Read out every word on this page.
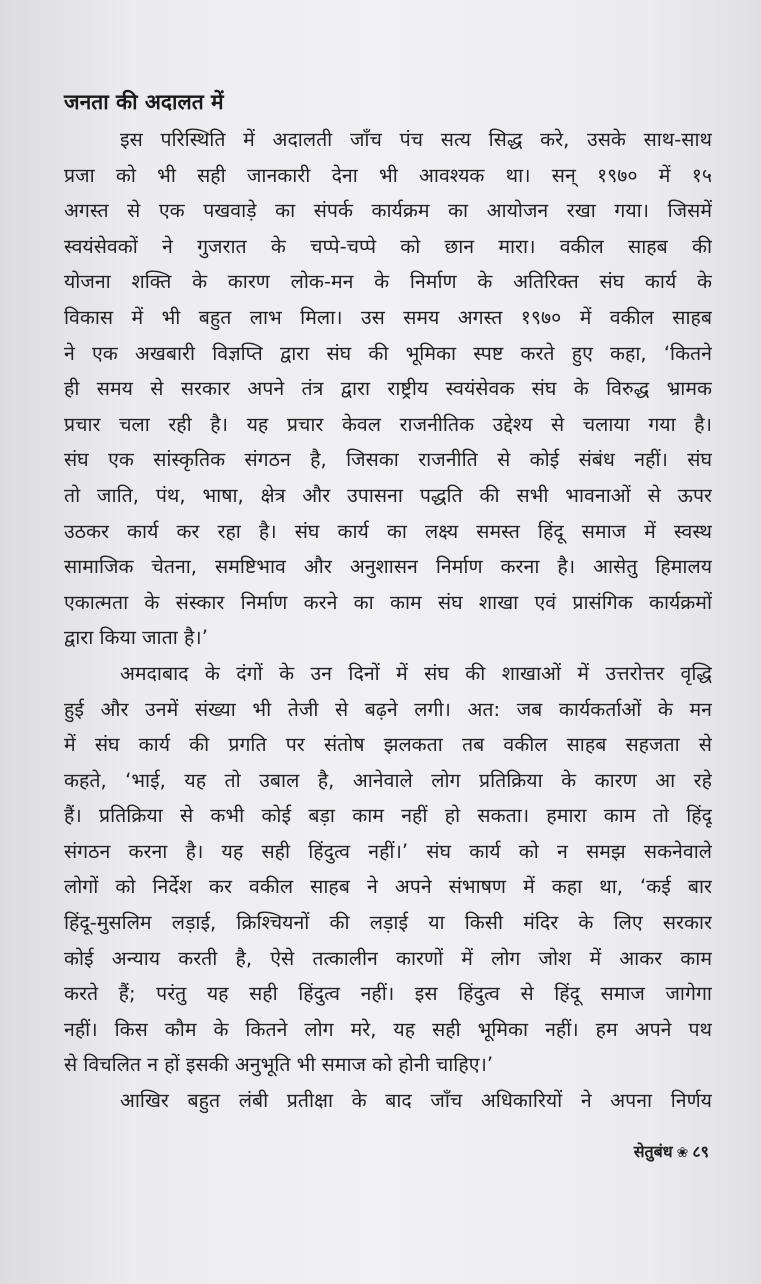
जनता की अदालत में

इस परिस्थिति में अदालती जाँच पंच सत्य सिद्ध करे, उसके साथ-साथ
प्रजा को भी सही जानकारी देना भी आवश्यक था। सन् १९७० में १५
अगस्त से एक पखवाड़े का संपर्क कार्यक्रम का आयोजन रखा गया। जिसमें
स्वयंसेवकों ने गुजरात के चप्पे-चप्पे को छान मारा। वकील साहब की
योजना शक्ति के कारण लोक-मन के निर्माण के अतिरिक्त संघ कार्य के
विकास में भी बहुत लाभ मिला। उस समय अगस्त १९७० में वकील साहब
ने एक अखबारी विज्ञप्ति द्वारा संघ की भूमिका स्पष्ट करते हुए कहा, ‘कितने
ही समय से सरकार अपने तंत्र द्वारा राष्ट्रीय स्वयंसेवक संघ के विरुद्ध भ्रामक
प्रचार चला रही है। यह प्रचार केवल राजनीतिक उद्देश्य से चलाया गया है।
संघ एक सांस्कृतिक संगठन है, जिसका राजनीति से कोई संबंध नहीं। संघ
तो जाति, पंथ, भाषा, क्षेत्र और उपासना पद्धति की सभी भावनाओं से ऊपर
उठकर कार्य कर रहा है। संघ कार्य का लक्ष्य समस्त हिंदू समाज में स्वस्थ
सामाजिक चेतना, समष्टिभाव और अनुशासन निर्माण करना है। आसेतु हिमालय
एकात्मता के संस्कार निर्माण करने का काम संघ शाखा एवं प्रासंगिक कार्यक्रमों
द्वारा किया जाता है।’

अमदाबाद के दंगों के उन दिनों में संघ की शाखाओं में उत्तरोत्तर वृद्धि
हुई और उनमें संख्या भी तेजी से बढ़ने लगी। अत: जब कार्यकर्ताओं के मन
में संघ कार्य की प्रगति पर संतोष झलकता तब वकील साहब सहजता से
कहते, ‘भाई, यह तो उबाल है, आनेवाले लोग प्रतिक्रिया के कारण आ रहे
हैं। प्रतिक्रिया से कभी कोई बड़ा काम नहीं हो सकता। हमारा काम तो हिंदू
संगठन करना है। यह सही हिंदुत्व नहीं।’ संघ कार्य को न समझ सकनेवाले
लोगों को निर्देश कर वकील साहब ने अपने संभाषण में कहा था, ‘कई बार
हिंदू-मुसलिम लड़ाई, क्रिश्चियनों की लड़ाई या किसी मंदिर के लिए सरकार
कोई अन्याय करती है, ऐसे तत्कालीन कारणों में लोग जोश में आकर काम
करते हैं; परंतु यह सही हिंदुत्व नहीं। इस हिंदुत्व से हिंदू समाज जागेगा
नहीं। किस कौम के कितने लोग मरे, यह सही भूमिका नहीं। हम अपने पथ
से विचलित न हों इसकी अनुभूति भी समाज को होनी चाहिए।’

आखिर बहुत लंबी प्रतीक्षा के बाद जाँच अधिकारियों ने अपना निर्णय

सेतुबंध ❀ ८९
